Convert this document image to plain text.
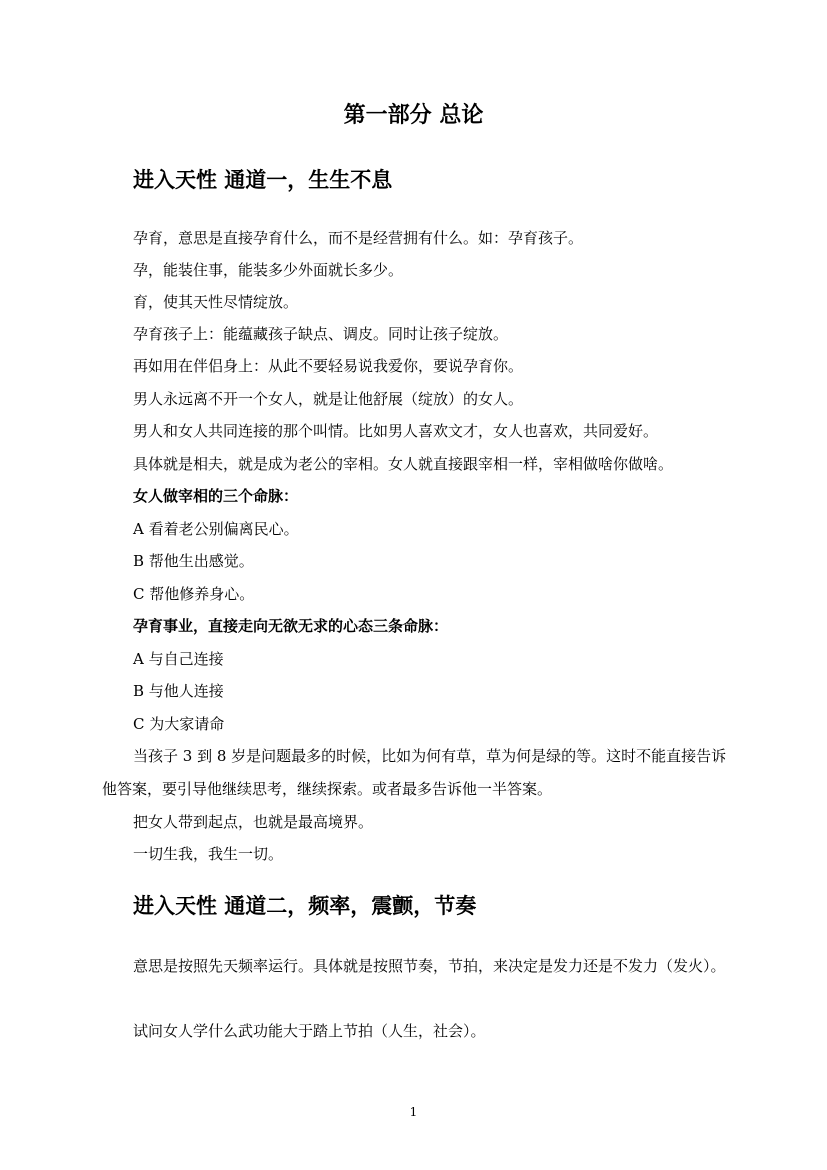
第一部分 总论
进入天性 通道一，生生不息

孕育，意思是直接孕育什么，而不是经营拥有什么。如：孕育孩子。

孕，能装住事，能装多少外面就长多少。

育，使其天性尽情绽放。

孕育孩子上：能蕴藏孩子缺点、调皮。同时让孩子绽放。

再如用在伴侣身上：从此不要轻易说我爱你，要说孕育你。

男人永远离不开一个女人，就是让他舒展（绽放）的女人。

男人和女人共同连接的那个叫情。比如男人喜欢文才，女人也喜欢，共同爱好。

具体就是相夫，就是成为老公的宰相。女人就直接跟宰相一样，宰相做啥你做啥。

女人做宰相的三个命脉：

A 看着老公别偏离民心。

B 帮他生出感觉。

C 帮他修养身心。

孕育事业，直接走向无欲无求的心态三条命脉：

A 与自己连接

B 与他人连接

C 为大家请命

当孩子 3 到 8 岁是问题最多的时候，比如为何有草，草为何是绿的等。这时不能直接告诉他答案，要引导他继续思考，继续探索。或者最多告诉他一半答案。

把女人带到起点，也就是最高境界。

一切生我，我生一切。

进入天性 通道二，频率，震颤，节奏

意思是按照先天频率运行。具体就是按照节奏，节拍，来决定是发力还是不发力（发火）。

试问女人学什么武功能大于踏上节拍（人生，社会）。

1
